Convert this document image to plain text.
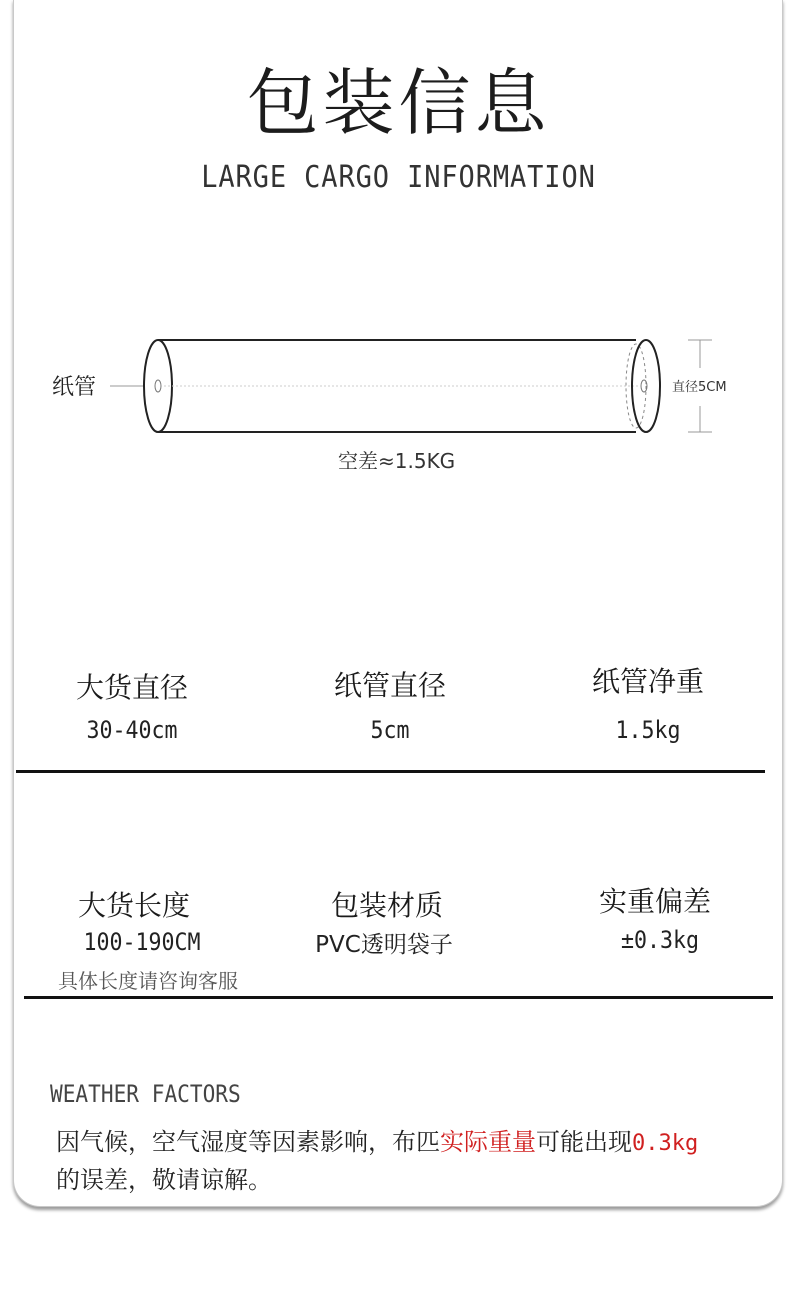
包装信息
LARGE CARGO INFORMATION
纸管	直径5CM
空差≈1.5KG
大货直径
30-40cm
纸管直径
5cm
纸管净重
1.5kg
大货长度
100-190CM
包装材质
PVC透明袋子
实重偏差
±0.3kg
具体长度请咨询客服
WEATHER FACTORS
因气候，空气湿度等因素影响，布匹实际重量可能出现0.3kg
的误差，敬请谅解。
